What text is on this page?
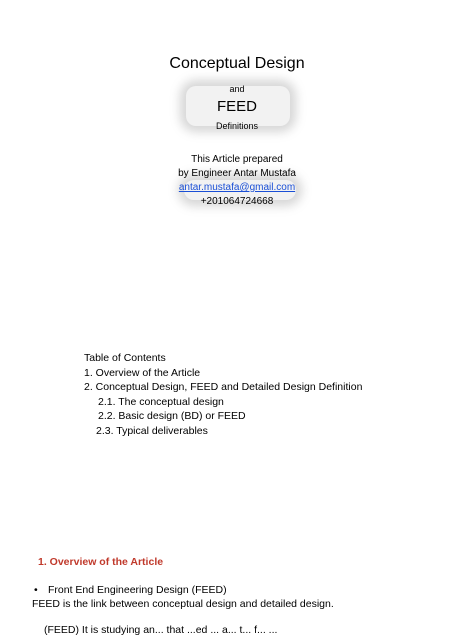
Conceptual Design
and
FEED
Definitions
This Article prepared
by Engineer Antar Mustafa
antar.mustafa@gmail.com
+201064724668
Table of Contents
1. Overview of the Article
2. Conceptual Design, FEED and Detailed Design Definition
2.1. The conceptual design
2.2. Basic design (BD) or FEED
2.3. Typical deliverables
1. Overview of the Article
• Front End Engineering Design (FEED)
FEED is the link between conceptual design and detailed design.
(FEED) It is studying an... that ...ed ... a... t... f... ...
